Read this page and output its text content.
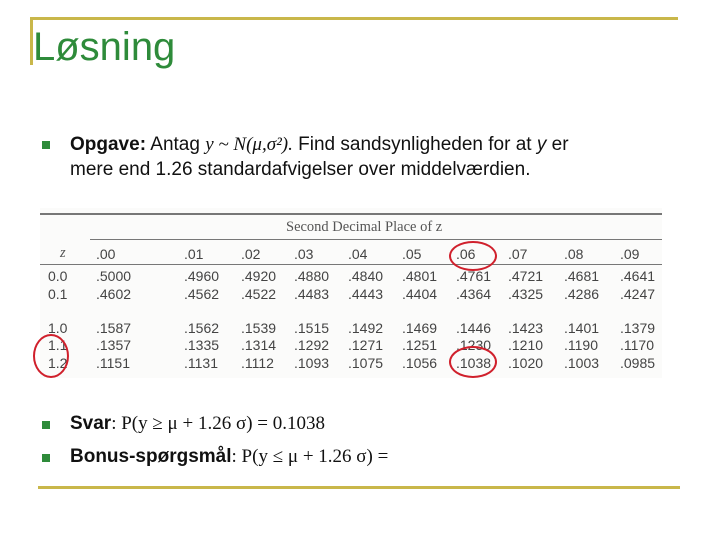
Løsning
Opgave: Antag y ~ N(μ,σ²). Find sandsynligheden for at y er
mere end 1.26 standardafvigelser over middelværdien.
Second Decimal Place of z
z .00	.01	.02 .03 .04 .05 .06 .07	.08	.09
0.0 .5000	.4960 .4920 .4880 .4840 .4801 .4761 .4721 .4681 .4641
0.1 .4602	.4562 .4522 .4483 .4443 .4404 .4364 .4325 .4286 .4247
1.0 .1587	.1562 .1539 .1515 .1492 .1469 .1446 .1423 .1401 .1379
1.1 .1357	.1335 .1314 .1292 .1271 .1251 .1230 .1210 .1190 .1170
1.2 .1151	.1131 .1112 .1093 .1075 .1056 .1038 .1020 .1003 .0985
Svar: P(y ≥ μ + 1.26 σ) = 0.1038
Bonus-spørgsmål: P(y ≤ μ + 1.26 σ) =
